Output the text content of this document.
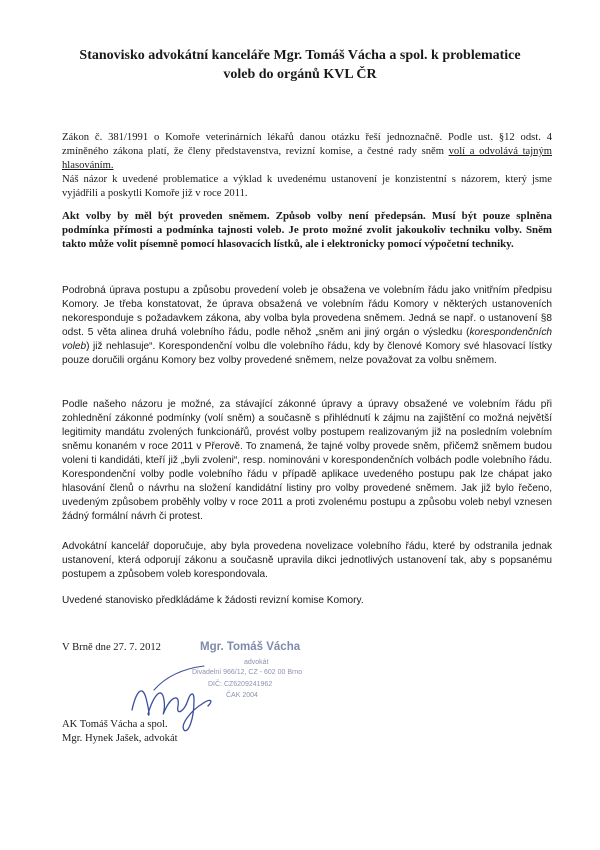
Stanovisko advokátní kanceláře Mgr. Tomáš Vácha a spol. k problematice
voleb do orgánů KVL ČR

Zákon č. 381/1991 o Komoře veterinárních lékařů danou otázku řeší jednoznačně. Podle ust. §12 odst. 4 zmíněného zákona platí, že členy představenstva, revizní komise, a čestné rady sněm volí a odvolává tajným hlasováním.

Náš názor k uvedené problematice a výklad k uvedenému ustanovení je konzistentní s názorem, který jsme vyjádřili a poskytli Komoře již v roce 2011.

Akt volby by měl být proveden sněmem. Způsob volby není předepsán. Musí být pouze splněna podmínka přímosti a podmínka tajnosti voleb. Je proto možné zvolit jakoukoliv techniku volby. Sněm takto může volit písemně pomocí hlasovacích lístků, ale i elektronicky pomocí výpočetní techniky.

Podrobná úprava postupu a způsobu provedení voleb je obsažena ve volebním řádu jako vnitřním předpisu Komory. Je třeba konstatovat, že úprava obsažená ve volebním řádu Komory v některých ustanoveních nekoresponduje s požadavkem zákona, aby volba byla provedena sněmem. Jedná se např. o ustanovení §8 odst. 5 věta alinea druhá volebního řádu, podle něhož „sněm ani jiný orgán o výsledku (korespondenčních voleb) již nehlasuje“. Korespondenční volbu dle volebního řádu, kdy by členové Komory své hlasovací lístky pouze doručili orgánu Komory bez volby provedené sněmem, nelze považovat za volbu sněmem.

Podle našeho názoru je možné, za stávající zákonné úpravy a úpravy obsažené ve volebním řádu při zohlednění zákonné podmínky (volí sněm) a současně s přihlédnutí k zájmu na zajištění co možná největší legitimity mandátu zvolených funkcionářů, provést volby postupem realizovaným již na posledním volebním sněmu konaném v roce 2011 v Přerově. To znamená, že tajné volby provede sněm, přičemž sněmem budou voleni ti kandidáti, kteří již „byli zvoleni“, resp. nominováni v korespondenčních volbách podle volebního řádu. Korespondenční volby podle volebního řádu v případě aplikace uvedeného postupu pak lze chápat jako hlasování členů o návrhu na složení kandidátní listiny pro volby provedené sněmem. Jak již bylo řečeno, uvedeným způsobem proběhly volby v roce 2011 a proti zvolenému postupu a způsobu voleb nebyl vznesen žádný formální návrh či protest.

Advokátní kancelář doporučuje, aby byla provedena novelizace volebního řádu, které by odstranila jednak ustanovení, která odporují zákonu a současně upravila dikci jednotlivých ustanovení tak, aby s popsanému postupem a způsobem voleb korespondovala.

Uvedené stanovisko předkládáme k žádosti revizní komise Komory.

V Brně dne 27. 7. 2012	Mgr. Tomáš Vácha
advokát
Divadelní 966/12, CZ - 602 00 Brno
DIČ: CZ6209241962
ČAK 2004

AK Tomáš Vácha a spol.

Mgr. Hynek Jašek, advokát
